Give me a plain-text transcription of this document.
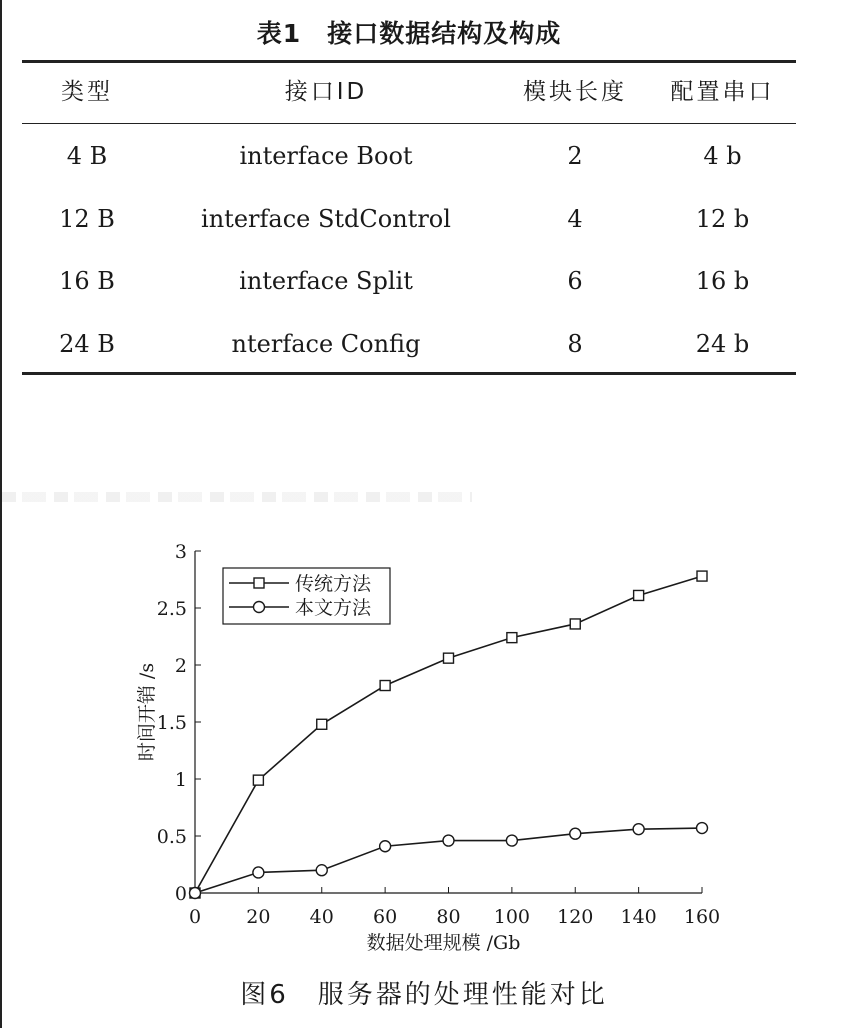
表1　接口数据结构及构成
类型	接口ID	模块长度	配置串口
4 B	interface Boot	2	4 b
12 B	interface StdControl	4	12 b
16 B	interface Split	6	16 b
24 B	nterface Config	8	24 b
0
0.5
1
1.5
2
2.5
3
0 20 40 60 80 100 120 140 160
数据处理规模 /Gb
时间开销 /s
传统方法
本文方法
图6　服务器的处理性能对比
